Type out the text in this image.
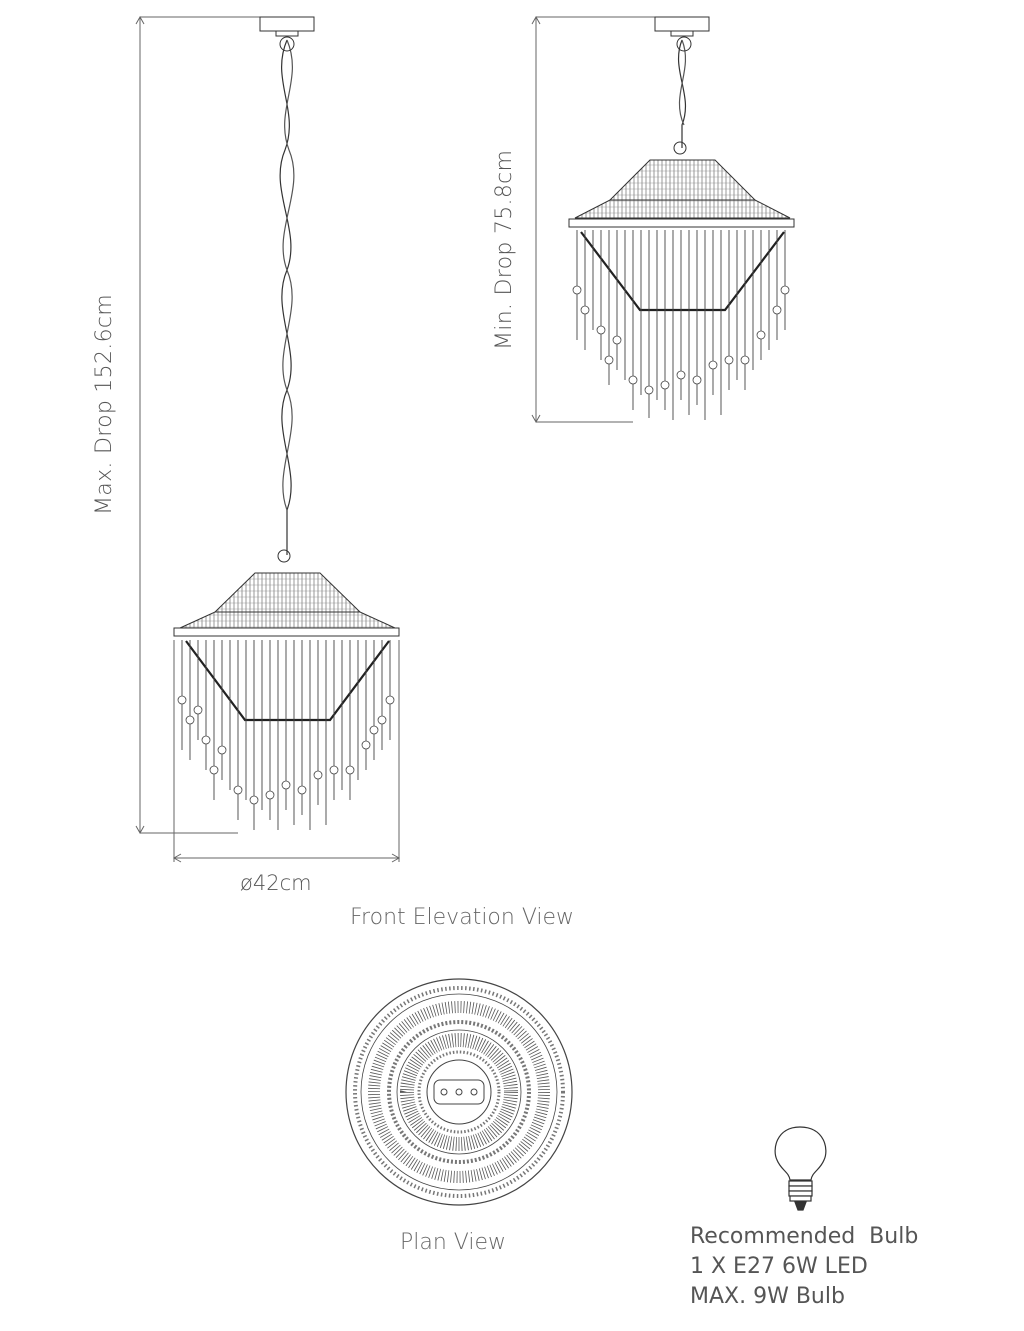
Max. Drop 152.6cm
Min. Drop 75.8cm
ø42cm
Front Elevation View
Plan View	Recommended  Bulb
1 X E27 6W LED
MAX. 9W Bulb
